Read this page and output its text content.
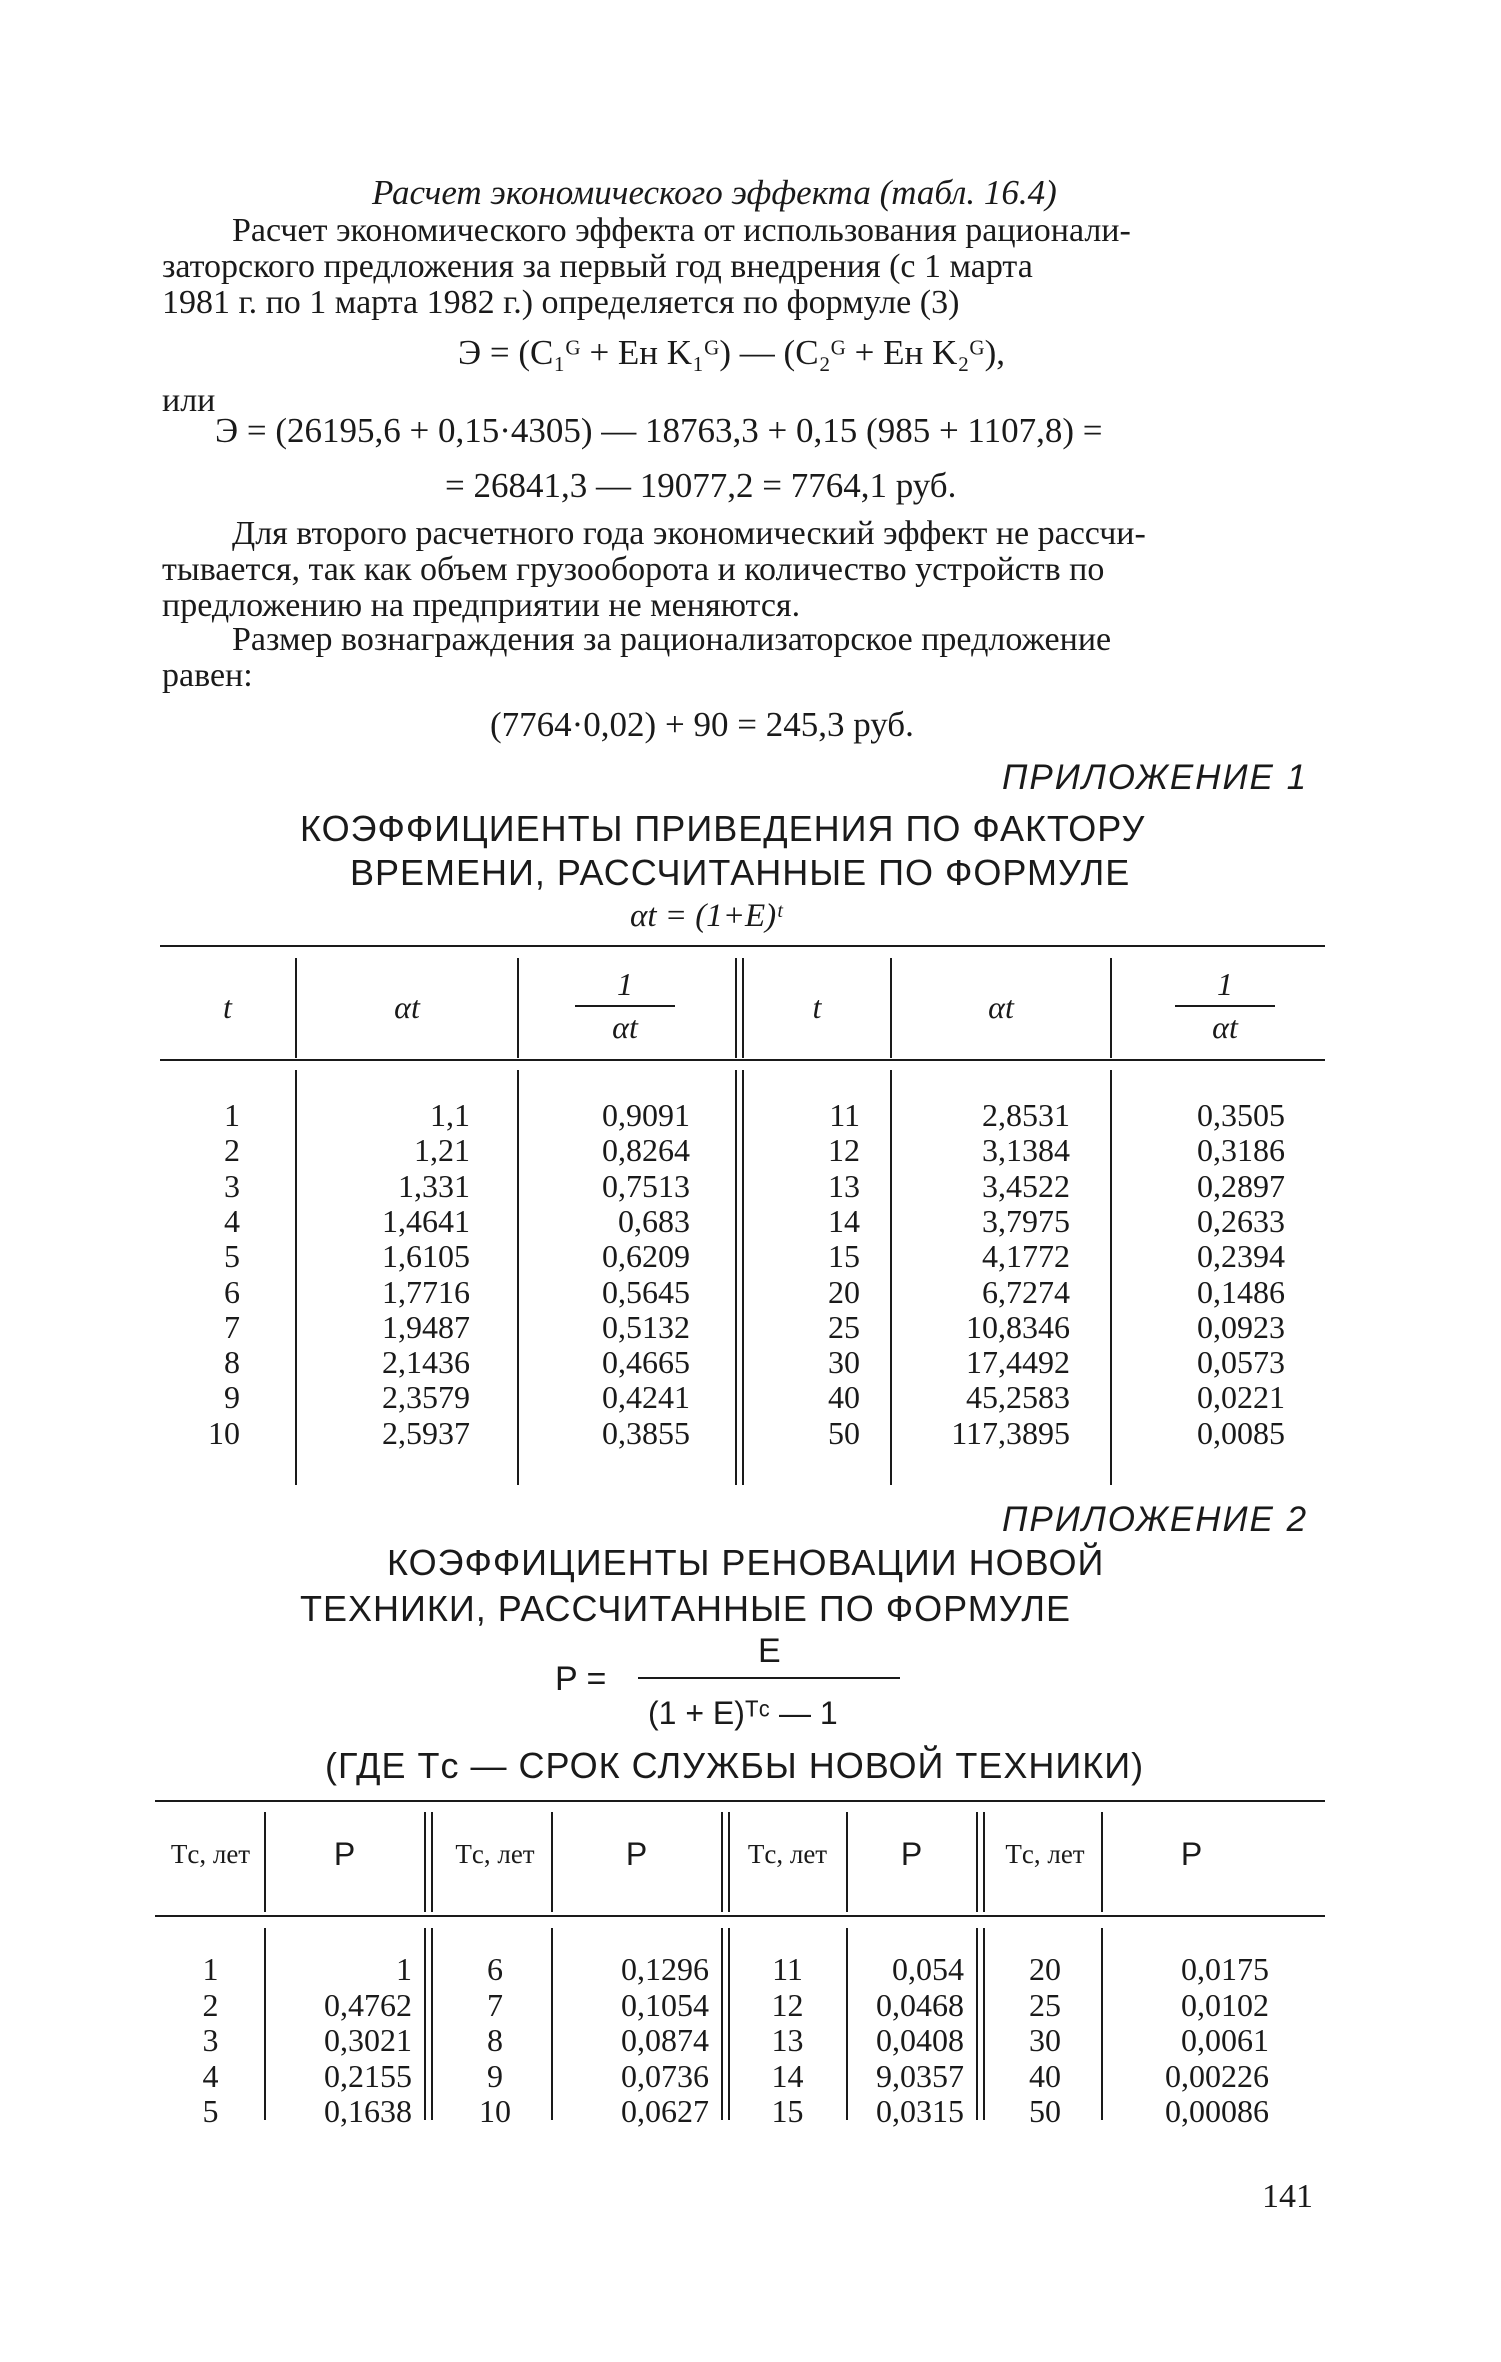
Расчет экономического эффекта (табл. 16.4)
Расчет экономического эффекта от использования рационали-
заторского предложения за первый год внедрения (с 1 марта
1981 г. по 1 марта 1982 г.) определяется по формуле (3)
Э = (C₁ᴳ + Eн K₁ᴳ) — (C₂ᴳ + Eн K₂ᴳ),
или
Э = (26195,6 + 0,15·4305) — 18763,3 + 0,15 (985 + 1107,8) =
= 26841,3 — 19077,2 = 7764,1 руб.
Для второго расчетного года экономический эффект не рассчи-
тывается, так как объем грузооборота и количество устройств по
предложению на предприятии не меняются.
Размер вознаграждения за рационализаторское предложение
равен:
(7764·0,02) + 90 = 245,3 руб.
ПРИЛОЖЕНИЕ 1
КОЭФФИЦИЕНТЫ ПРИВЕДЕНИЯ ПО ФАКТОРУ
ВРЕМЕНИ, РАССЧИТАННЫЕ ПО ФОРМУЛЕ
αt = (1+E)ᵗ
t	αt	$\frac{1}{\alpha t}$	t	αt	$\frac{1}{\alpha t}$
1	1,1	0,9091
2	1,21	0,8264
3	1,331	0,7513
4	1,4641	0,683
5	1,6105	0,6209
6	1,7716	0,5645
7	1,9487	0,5132
8	2,1436	0,4665
9	2,3579	0,4241
10	2,5937	0,3855
11	2,8531	0,3505
12	3,1384	0,3186
13	3,4522	0,2897
14	3,7975	0,2633
15	4,1772	0,2394
20	6,7274	0,1486
25	10,8346	0,0923
30	17,4492	0,0573
40	45,2583	0,0221
50	117,3895	0,0085
ПРИЛОЖЕНИЕ 2
КОЭФФИЦИЕНТЫ РЕНОВАЦИИ НОВОЙ
ТЕХНИКИ, РАССЧИТАННЫЕ ПО ФОРМУЛЕ
P =
E
(1 + E)ᵀᶜ — 1
(ГДЕ Tс — СРОК СЛУЖБЫ НОВОЙ ТЕХНИКИ)
Tс, лет	P
1	1
2	0,4762
3	0,3021
4	0,2155
5	0,1638
Tс, лет	P
6	0,1296
7	0,1054
8	0,0874
9	0,0736
10	0,0627
Tс, лет	P
11	0,054
12	0,0468
13	0,0408
14	9,0357
15	0,0315
Tс, лет	P
20	0,0175
25	0,0102
30	0,0061
40	0,00226
50	0,00086
141
